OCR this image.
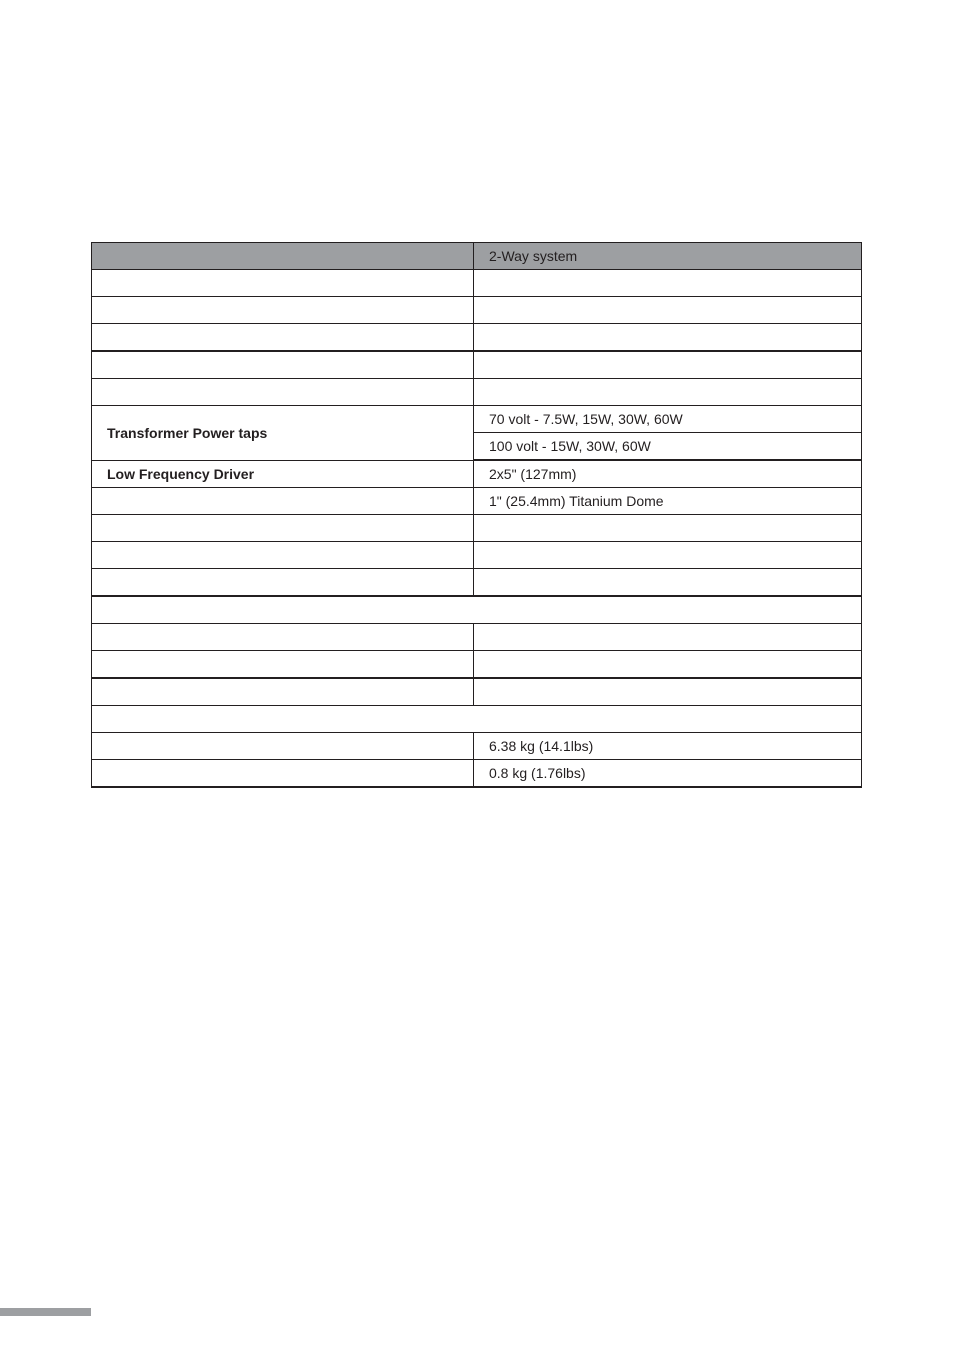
	2-Way system

Transformer Power taps	70 volt - 7.5W, 15W, 30W, 60W
	100 volt - 15W, 30W, 60W
Low Frequency Driver	2x5" (127mm)
	1" (25.4mm) Titanium Dome

	6.38 kg (14.1lbs)
	0.8 kg (1.76lbs)
